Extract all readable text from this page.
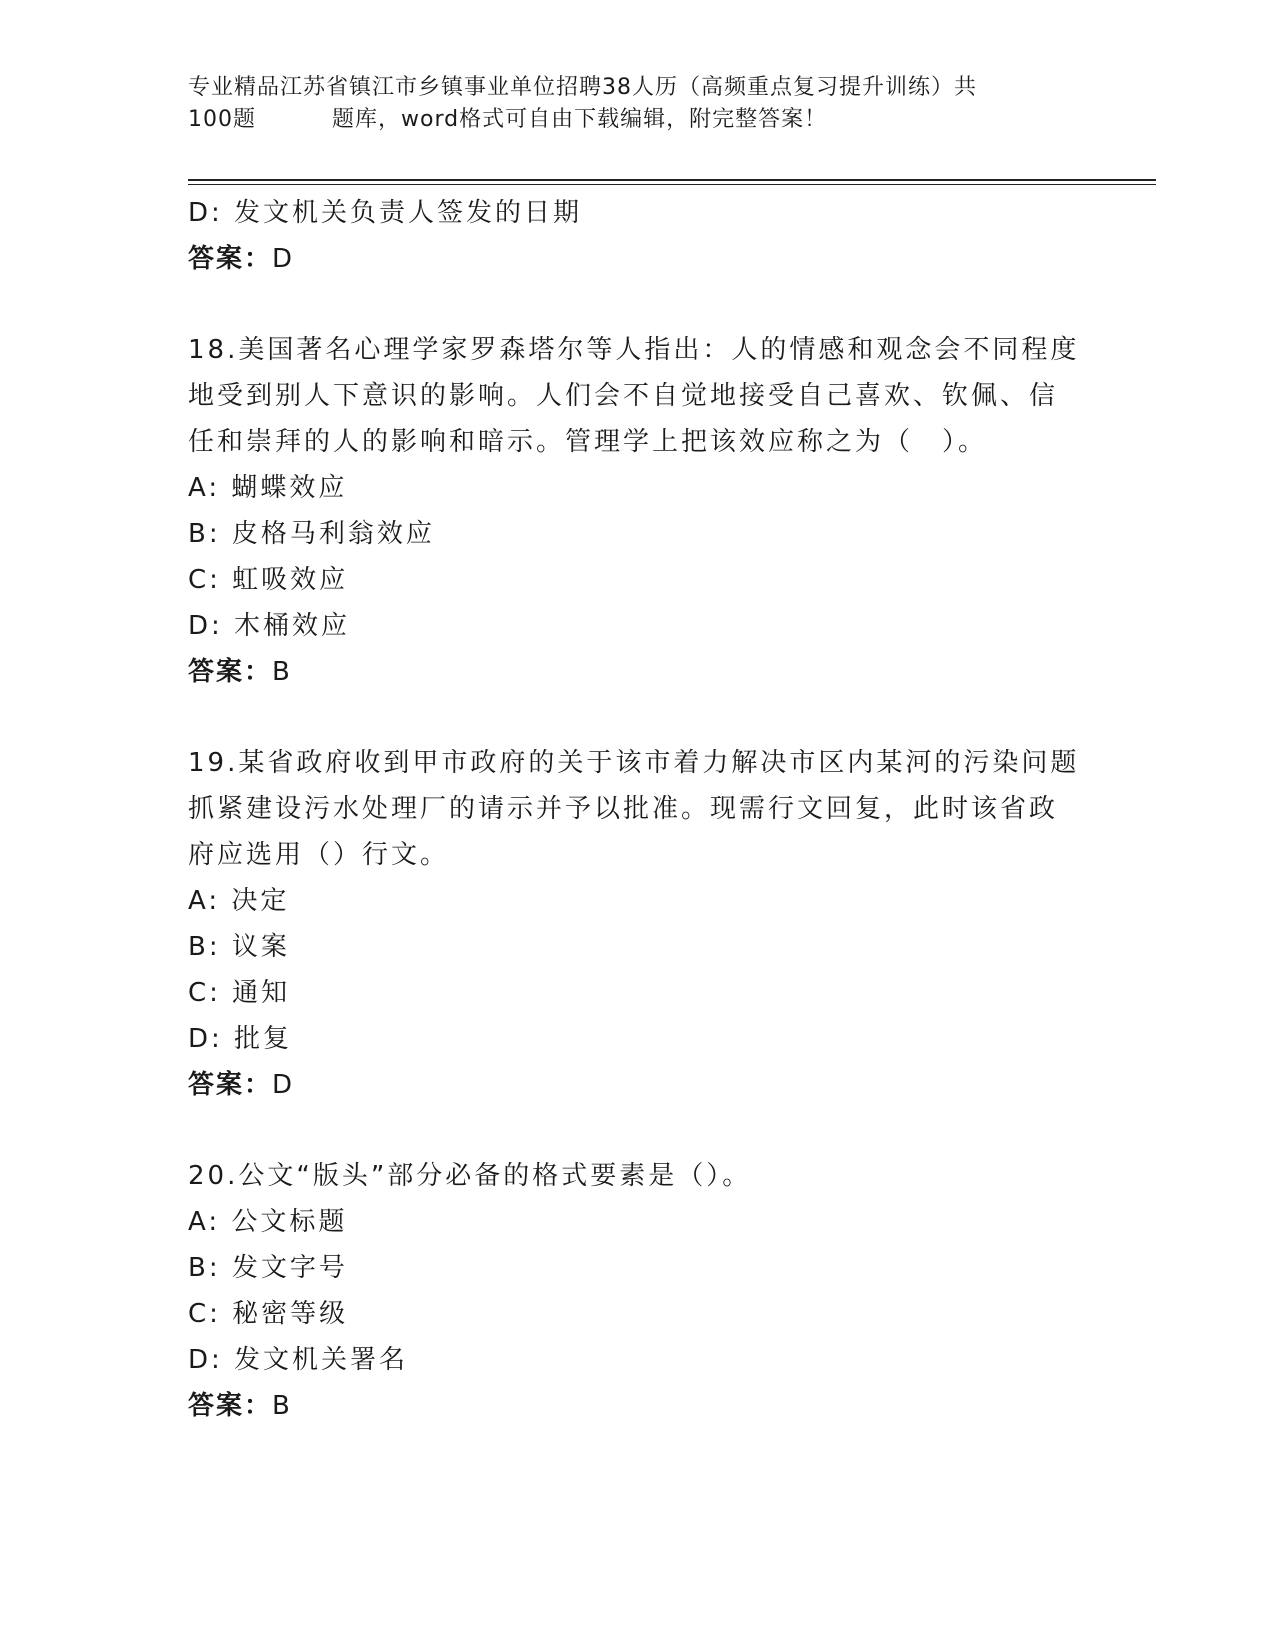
专业精品江苏省镇江市乡镇事业单位招聘38人历（高频重点复习提升训练）共
100题	题库，word格式可自由下载编辑，附完整答案！
D: 发文机关负责人签发的日期
答案：D
18.美国著名心理学家罗森塔尔等人指出：人的情感和观念会不同程度
地受到别人下意识的影响。人们会不自觉地接受自己喜欢、钦佩、信
任和崇拜的人的影响和暗示。管理学上把该效应称之为（　）。
A: 蝴蝶效应
B: 皮格马利翁效应
C: 虹吸效应
D: 木桶效应
答案：B
19.某省政府收到甲市政府的关于该市着力解决市区内某河的污染问题
抓紧建设污水处理厂的请示并予以批准。现需行文回复，此时该省政
府应选用（）行文。
A: 决定
B: 议案
C: 通知
D: 批复
答案：D
20.公文“版头”部分必备的格式要素是（）。
A: 公文标题
B: 发文字号
C: 秘密等级
D: 发文机关署名
答案：B
